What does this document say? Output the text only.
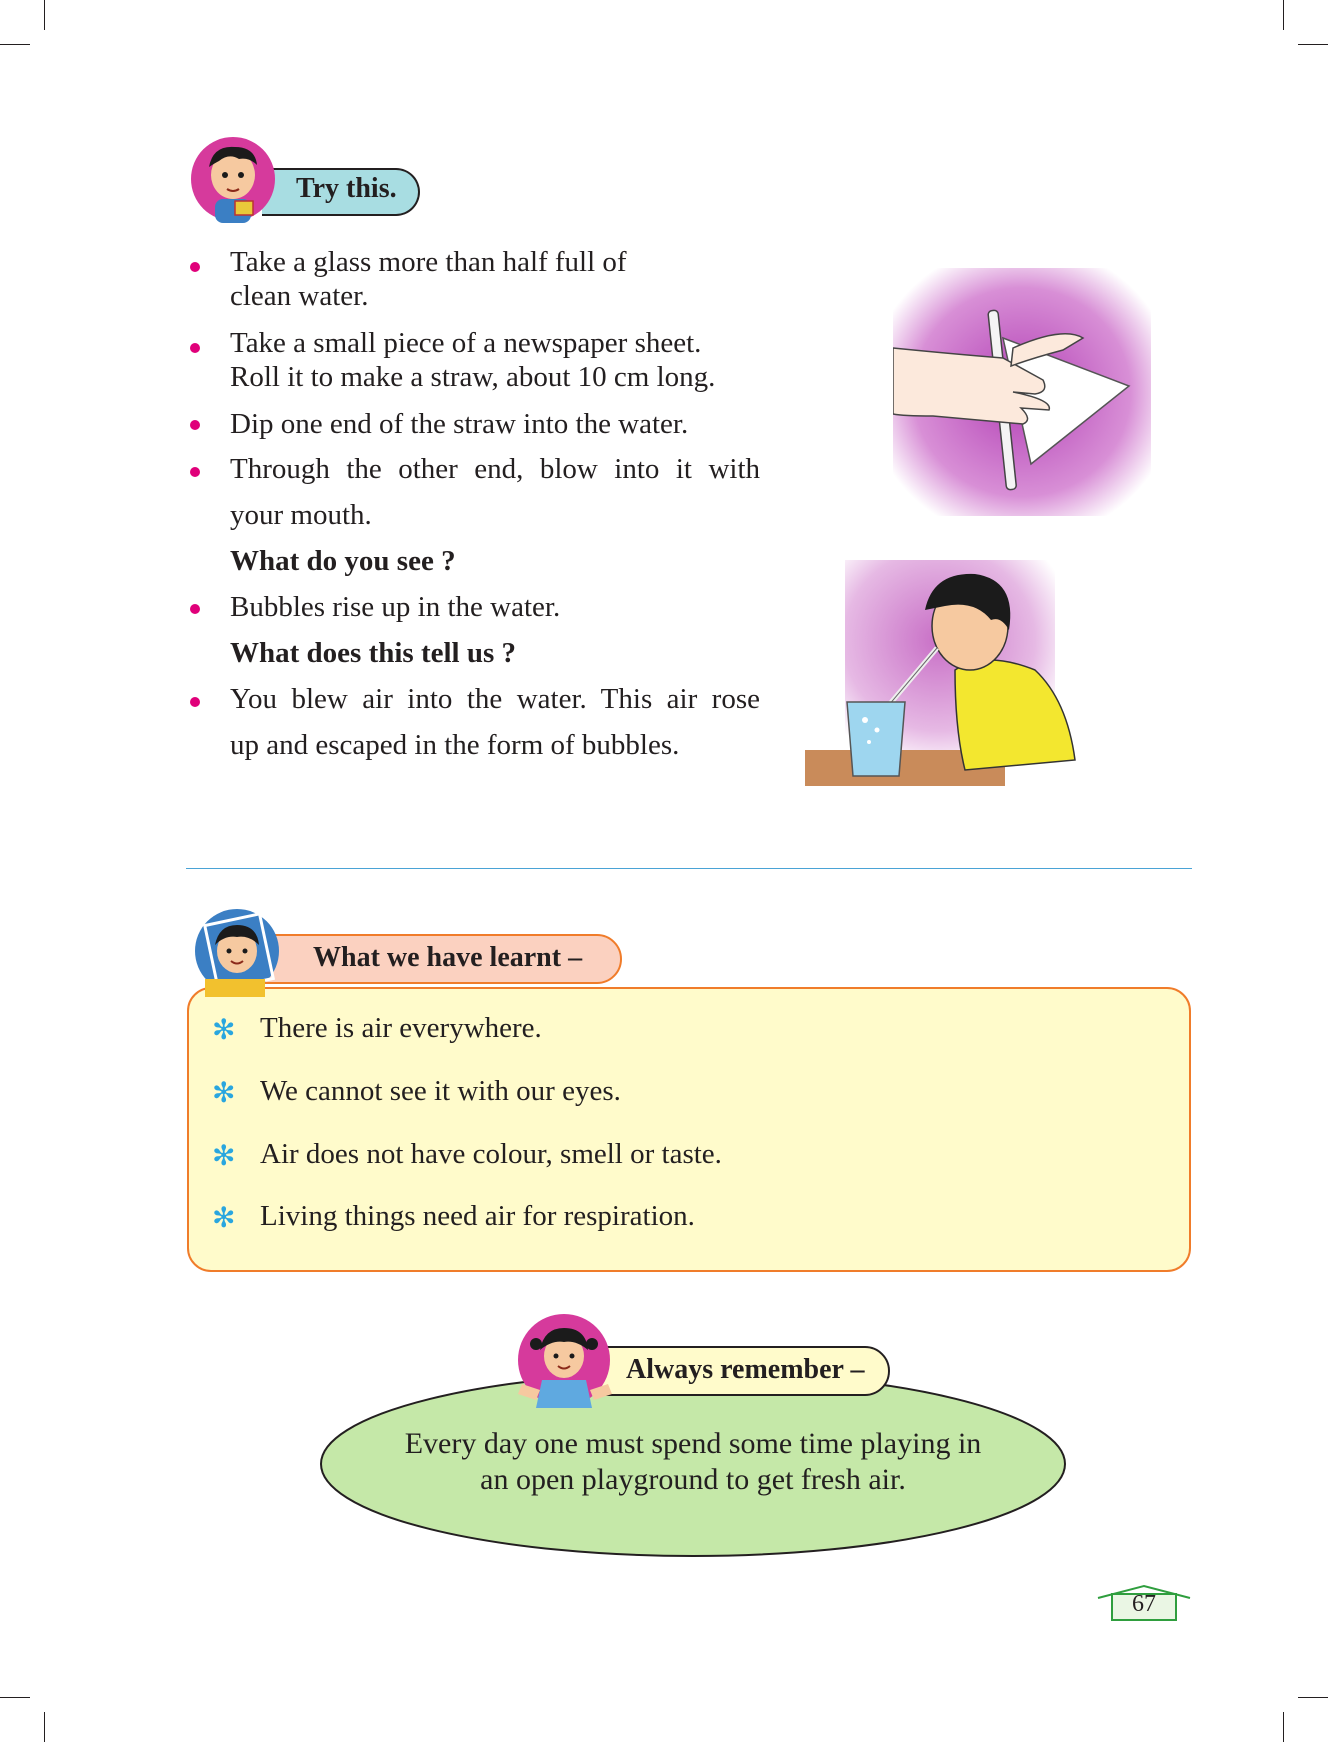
Try this.
Take a glass more than half full of
clean water.
Take a small piece of a newspaper sheet.
Roll it to make a straw, about 10 cm long.
Dip one end of the straw into the water.
Through the other end, blow into it with
your mouth.
What do you see ?
Bubbles rise up in the water.
What does this tell us ?
You blew air into the water. This air rose
up and escaped in the form of bubbles.
What we have learnt –
✻ There is air everywhere.
✻ We cannot see it with our eyes.
✻ Air does not have colour, smell or taste.
✻ Living things need air for respiration.
Always remember –
Every day one must spend some time playing in
an open playground to get fresh air.
67
